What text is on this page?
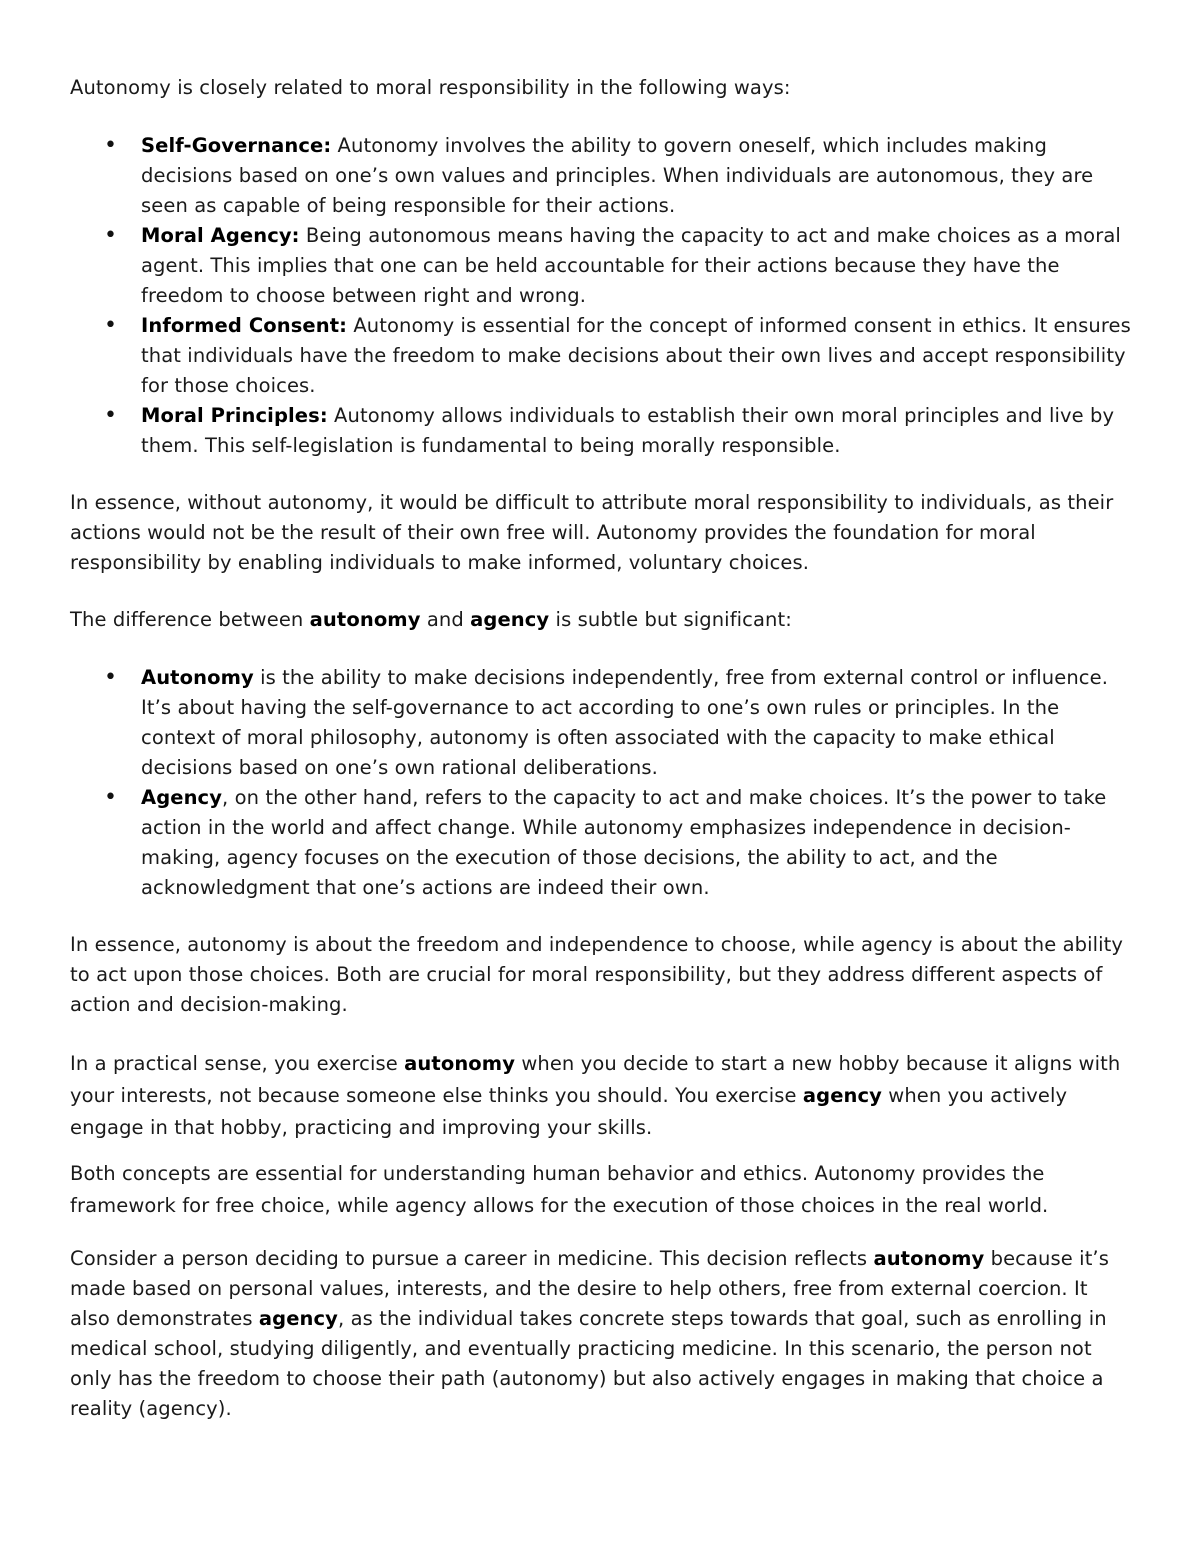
Autonomy is closely related to moral responsibility in the following ways:

• Self-Governance: Autonomy involves the ability to govern oneself, which includes making decisions based on one’s own values and principles. When individuals are autonomous, they are seen as capable of being responsible for their actions.
• Moral Agency: Being autonomous means having the capacity to act and make choices as a moral agent. This implies that one can be held accountable for their actions because they have the freedom to choose between right and wrong.
• Informed Consent: Autonomy is essential for the concept of informed consent in ethics. It ensures that individuals have the freedom to make decisions about their own lives and accept responsibility for those choices.
• Moral Principles: Autonomy allows individuals to establish their own moral principles and live by them. This self-legislation is fundamental to being morally responsible.

In essence, without autonomy, it would be difficult to attribute moral responsibility to individuals, as their actions would not be the result of their own free will. Autonomy provides the foundation for moral responsibility by enabling individuals to make informed, voluntary choices.

The difference between autonomy and agency is subtle but significant:

• Autonomy is the ability to make decisions independently, free from external control or influence. It’s about having the self-governance to act according to one’s own rules or principles. In the context of moral philosophy, autonomy is often associated with the capacity to make ethical decisions based on one’s own rational deliberations.
• Agency, on the other hand, refers to the capacity to act and make choices. It’s the power to take action in the world and affect change. While autonomy emphasizes independence in decision-making, agency focuses on the execution of those decisions, the ability to act, and the acknowledgment that one’s actions are indeed their own.

In essence, autonomy is about the freedom and independence to choose, while agency is about the ability to act upon those choices. Both are crucial for moral responsibility, but they address different aspects of action and decision-making.

In a practical sense, you exercise autonomy when you decide to start a new hobby because it aligns with your interests, not because someone else thinks you should. You exercise agency when you actively engage in that hobby, practicing and improving your skills.

Both concepts are essential for understanding human behavior and ethics. Autonomy provides the framework for free choice, while agency allows for the execution of those choices in the real world.

Consider a person deciding to pursue a career in medicine. This decision reflects autonomy because it’s made based on personal values, interests, and the desire to help others, free from external coercion. It also demonstrates agency, as the individual takes concrete steps towards that goal, such as enrolling in medical school, studying diligently, and eventually practicing medicine. In this scenario, the person not only has the freedom to choose their path (autonomy) but also actively engages in making that choice a reality (agency).
